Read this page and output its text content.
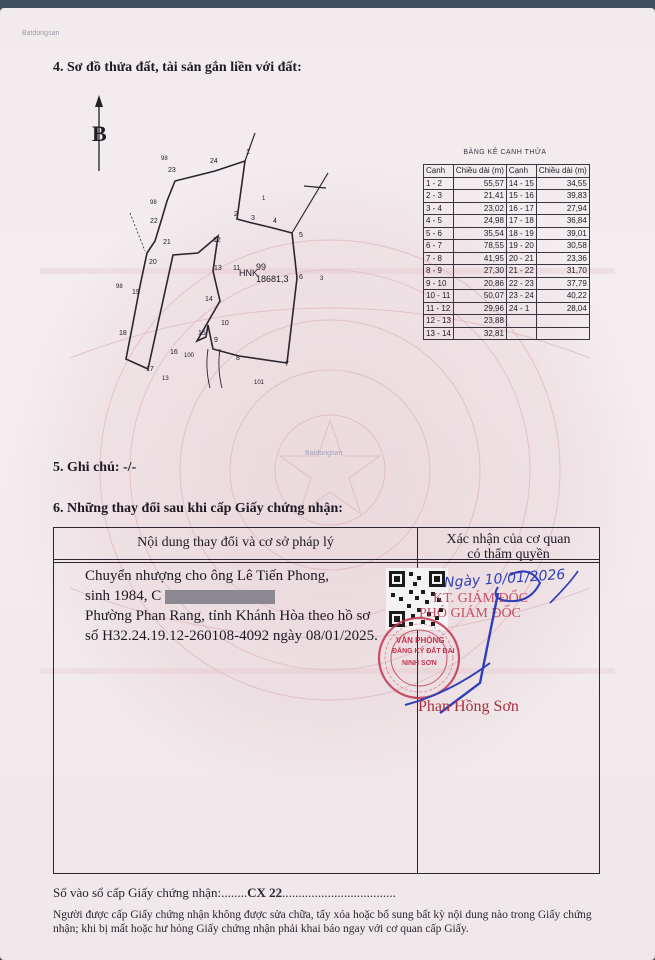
Batdongsan
4. Sơ đồ thửa đất, tài sản gắn liền với đất:
B
HNK
99
18681,3
1
2
3	4
5
6
7
8
9
10
11
12
13
14
15
16
17
18
19
20
21
22
23
24
98
98
98
13
100
101
3
1
BẢNG KÊ CẠNH THỬA
Cạnh	Chiều dài (m)	Cạnh	Chiều dài (m)
1 - 2	55,57	14 - 15	34,55
2 - 3	21,41	15 - 16	39,83
3 - 4	23,02	16 - 17	27,94
4 - 5	24,98	17 - 18	36,84
5 - 6	35,54	18 - 19	39,01
6 - 7	78,55	19 - 20	30,58
7 - 8	41,95	20 - 21	23,36
8 - 9	27,30	21 - 22	31,70
9 - 10	20,86	22 - 23	37,79
10 - 11	50,07	23 - 24	40,22
11 - 12	29,96	24 - 1	28,04
12 - 13	23,88		
13 - 14	32,81		
5. Ghi chú: -/-
Batdongsan
6. Những thay đổi sau khi cấp Giấy chứng nhận:
Nội dung thay đổi và cơ sở pháp lý	Xác nhận của cơ quan
có thẩm quyền
Chuyển nhượng cho ông Lê Tiến Phong,
sinh 1984, C
Phường Phan Rang, tỉnh Khánh Hòa theo hồ sơ
số H32.24.19.12-260108-4092 ngày 08/01/2025. VĂN PHÒNG
ĐĂNG KÝ ĐẤT ĐAI
NINH SƠN
KT. GIÁM ĐỐC
PHÓ GIÁM ĐỐC
Ngày 10/01/2026
Phan Hồng Sơn
Số vào sổ cấp Giấy chứng nhận:........CX 22...................................
Người được cấp Giấy chứng nhận không được sửa chữa, tẩy xóa hoặc bổ sung bất kỳ nội dung nào trong Giấy chứng nhận; khi bị mất hoặc hư hỏng Giấy chứng nhận phải khai báo ngay với cơ quan cấp Giấy.
